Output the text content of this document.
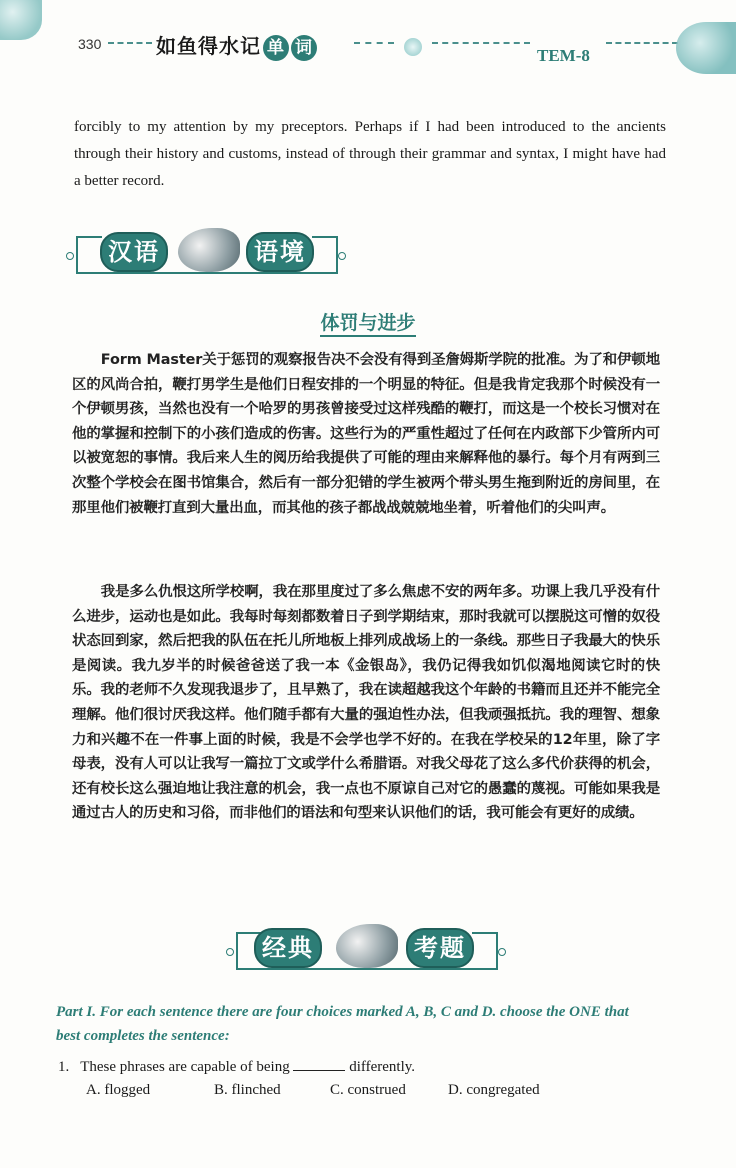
330	如鱼得水记 单 词	TEM-8
forcibly to my attention by my preceptors. Perhaps if I had been introduced to the ancients through their history and customs, instead of through their grammar and syntax, I might have had a better record.
汉语	语境
体罚与进步
Form Master关于惩罚的观察报告决不会没有得到圣詹姆斯学院的批准。为了和伊顿地区的风尚合拍，鞭打男学生是他们日程安排的一个明显的特征。但是我肯定我那个时候没有一个伊顿男孩，当然也没有一个哈罗的男孩曾接受过这样残酷的鞭打，而这是一个校长习惯对在他的掌握和控制下的小孩们造成的伤害。这些行为的严重性超过了任何在内政部下少管所内可以被宽恕的事情。我后来人生的阅历给我提供了可能的理由来解释他的暴行。每个月有两到三次整个学校会在图书馆集合，然后有一部分犯错的学生被两个带头男生拖到附近的房间里，在那里他们被鞭打直到大量出血，而其他的孩子都战战兢兢地坐着，听着他们的尖叫声。
我是多么仇恨这所学校啊，我在那里度过了多么焦虑不安的两年多。功课上我几乎没有什么进步，运动也是如此。我每时每刻都数着日子到学期结束，那时我就可以摆脱这可憎的奴役状态回到家，然后把我的队伍在托儿所地板上排列成战场上的一条线。那些日子我最大的快乐是阅读。我九岁半的时候爸爸送了我一本《金银岛》，我仍记得我如饥似渴地阅读它时的快乐。我的老师不久发现我退步了，且早熟了，我在读超越我这个年龄的书籍而且还并不能完全理解。他们很讨厌我这样。他们随手都有大量的强迫性办法，但我顽强抵抗。我的理智、想象力和兴趣不在一件事上面的时候，我是不会学也学不好的。在我在学校呆的12年里，除了字母表，没有人可以让我写一篇拉丁文或学什么希腊语。对我父母花了这么多代价获得的机会，还有校长这么强迫地让我注意的机会，我一点也不原谅自己对它的愚蠢的蔑视。可能如果我是通过古人的历史和习俗，而非他们的语法和句型来认识他们的话，我可能会有更好的成绩。
经典	考题
Part I. For each sentence there are four choices marked A, B, C and D. choose the ONE that best completes the sentence:
1. These phrases are capable of being	differently.
A. flogged	B. flinched	C. construed	D. congregated
